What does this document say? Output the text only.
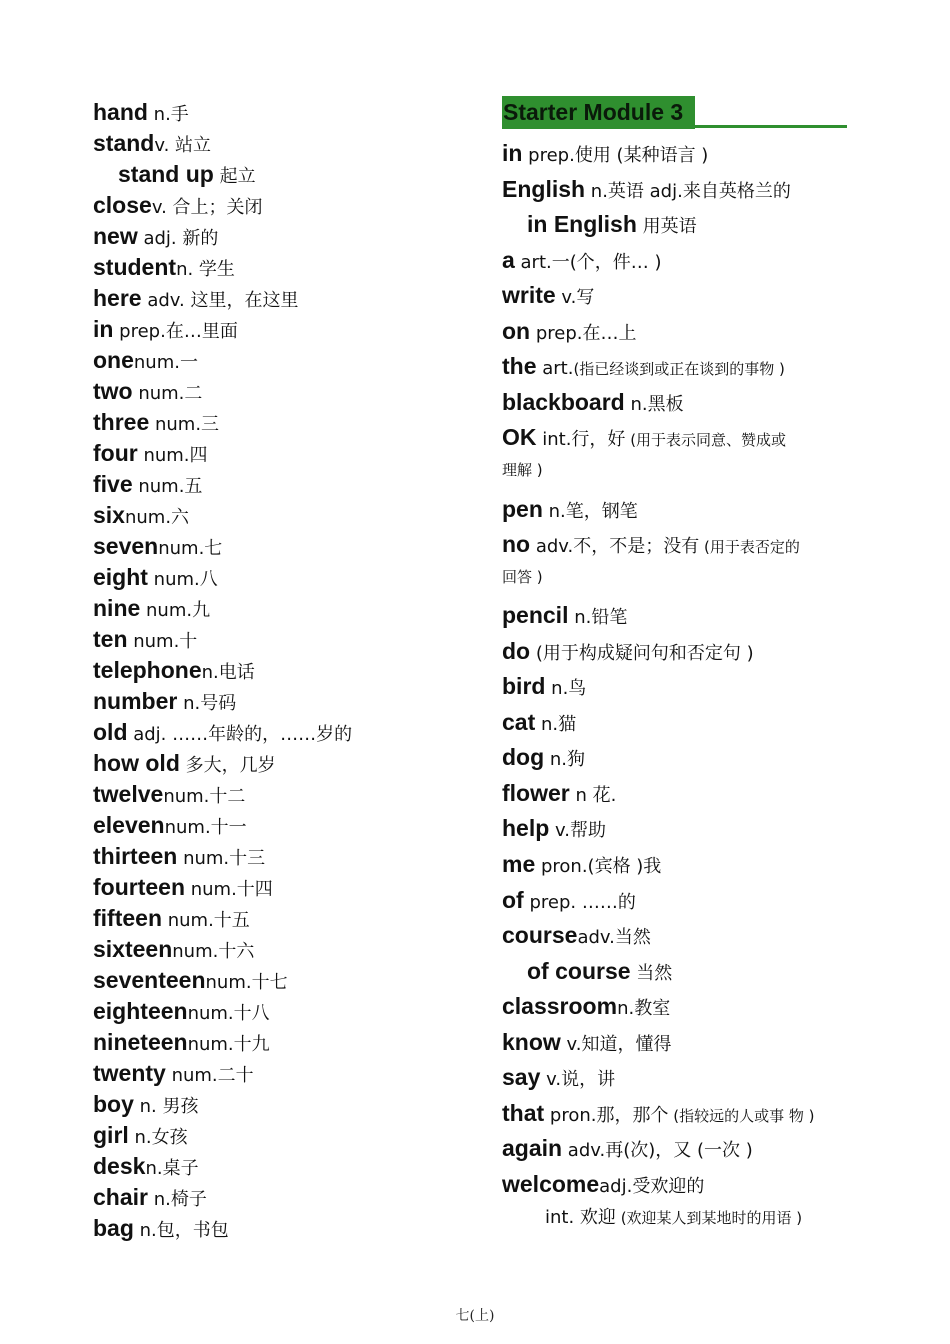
hand n.手
standv. 站立
stand up 起立
closev. 合上；关闭
new adj. 新的
studentn. 学生
here adv. 这里，在这里
in prep.在…里面
onenum.一
two num.二
three num.三
four num.四
five num.五
sixnum.六
sevennum.七
eight num.八
nine num.九
ten num.十
telephonen.电话
number n.号码
old adj. ……年龄的，……岁的
how old 多大，几岁
twelvenum.十二
elevennum.十一
thirteen num.十三
fourteen num.十四
fifteen num.十五
sixteennum.十六
seventeennum.十七
eighteennum.十八
nineteennum.十九
twenty num.二十
boy n. 男孩
girl n.女孩
deskn.桌子
chair n.椅子
bag n.包，书包
Starter Module 3
in prep.使用 (某种语言 )
English n.英语 adj.来自英格兰的
in English 用英语
a art.一(个，件… )
write v.写
on prep.在…上
the art.(指已经谈到或正在谈到的事物 )
blackboard n.黑板
OK int.行，好 (用于表示同意、赞成或
理解 )
pen n.笔，钢笔
no adv.不，不是；没有 (用于表否定的
回答 )
pencil n.铅笔
do (用于构成疑问句和否定句 )
bird n.鸟
cat n.猫
dog n.狗
flower n 花.
help v.帮助
me pron.(宾格 )我
of prep. ……的
courseadv.当然
of course 当然
classroomn.教室
know v.知道，懂得
say v.说，讲
that pron.那，那个 (指较远的人或事 物 )
again adv.再(次)，又 (一次 )
welcomeadj.受欢迎的
int. 欢迎 (欢迎某人到某地时的用语 )
七(上)
